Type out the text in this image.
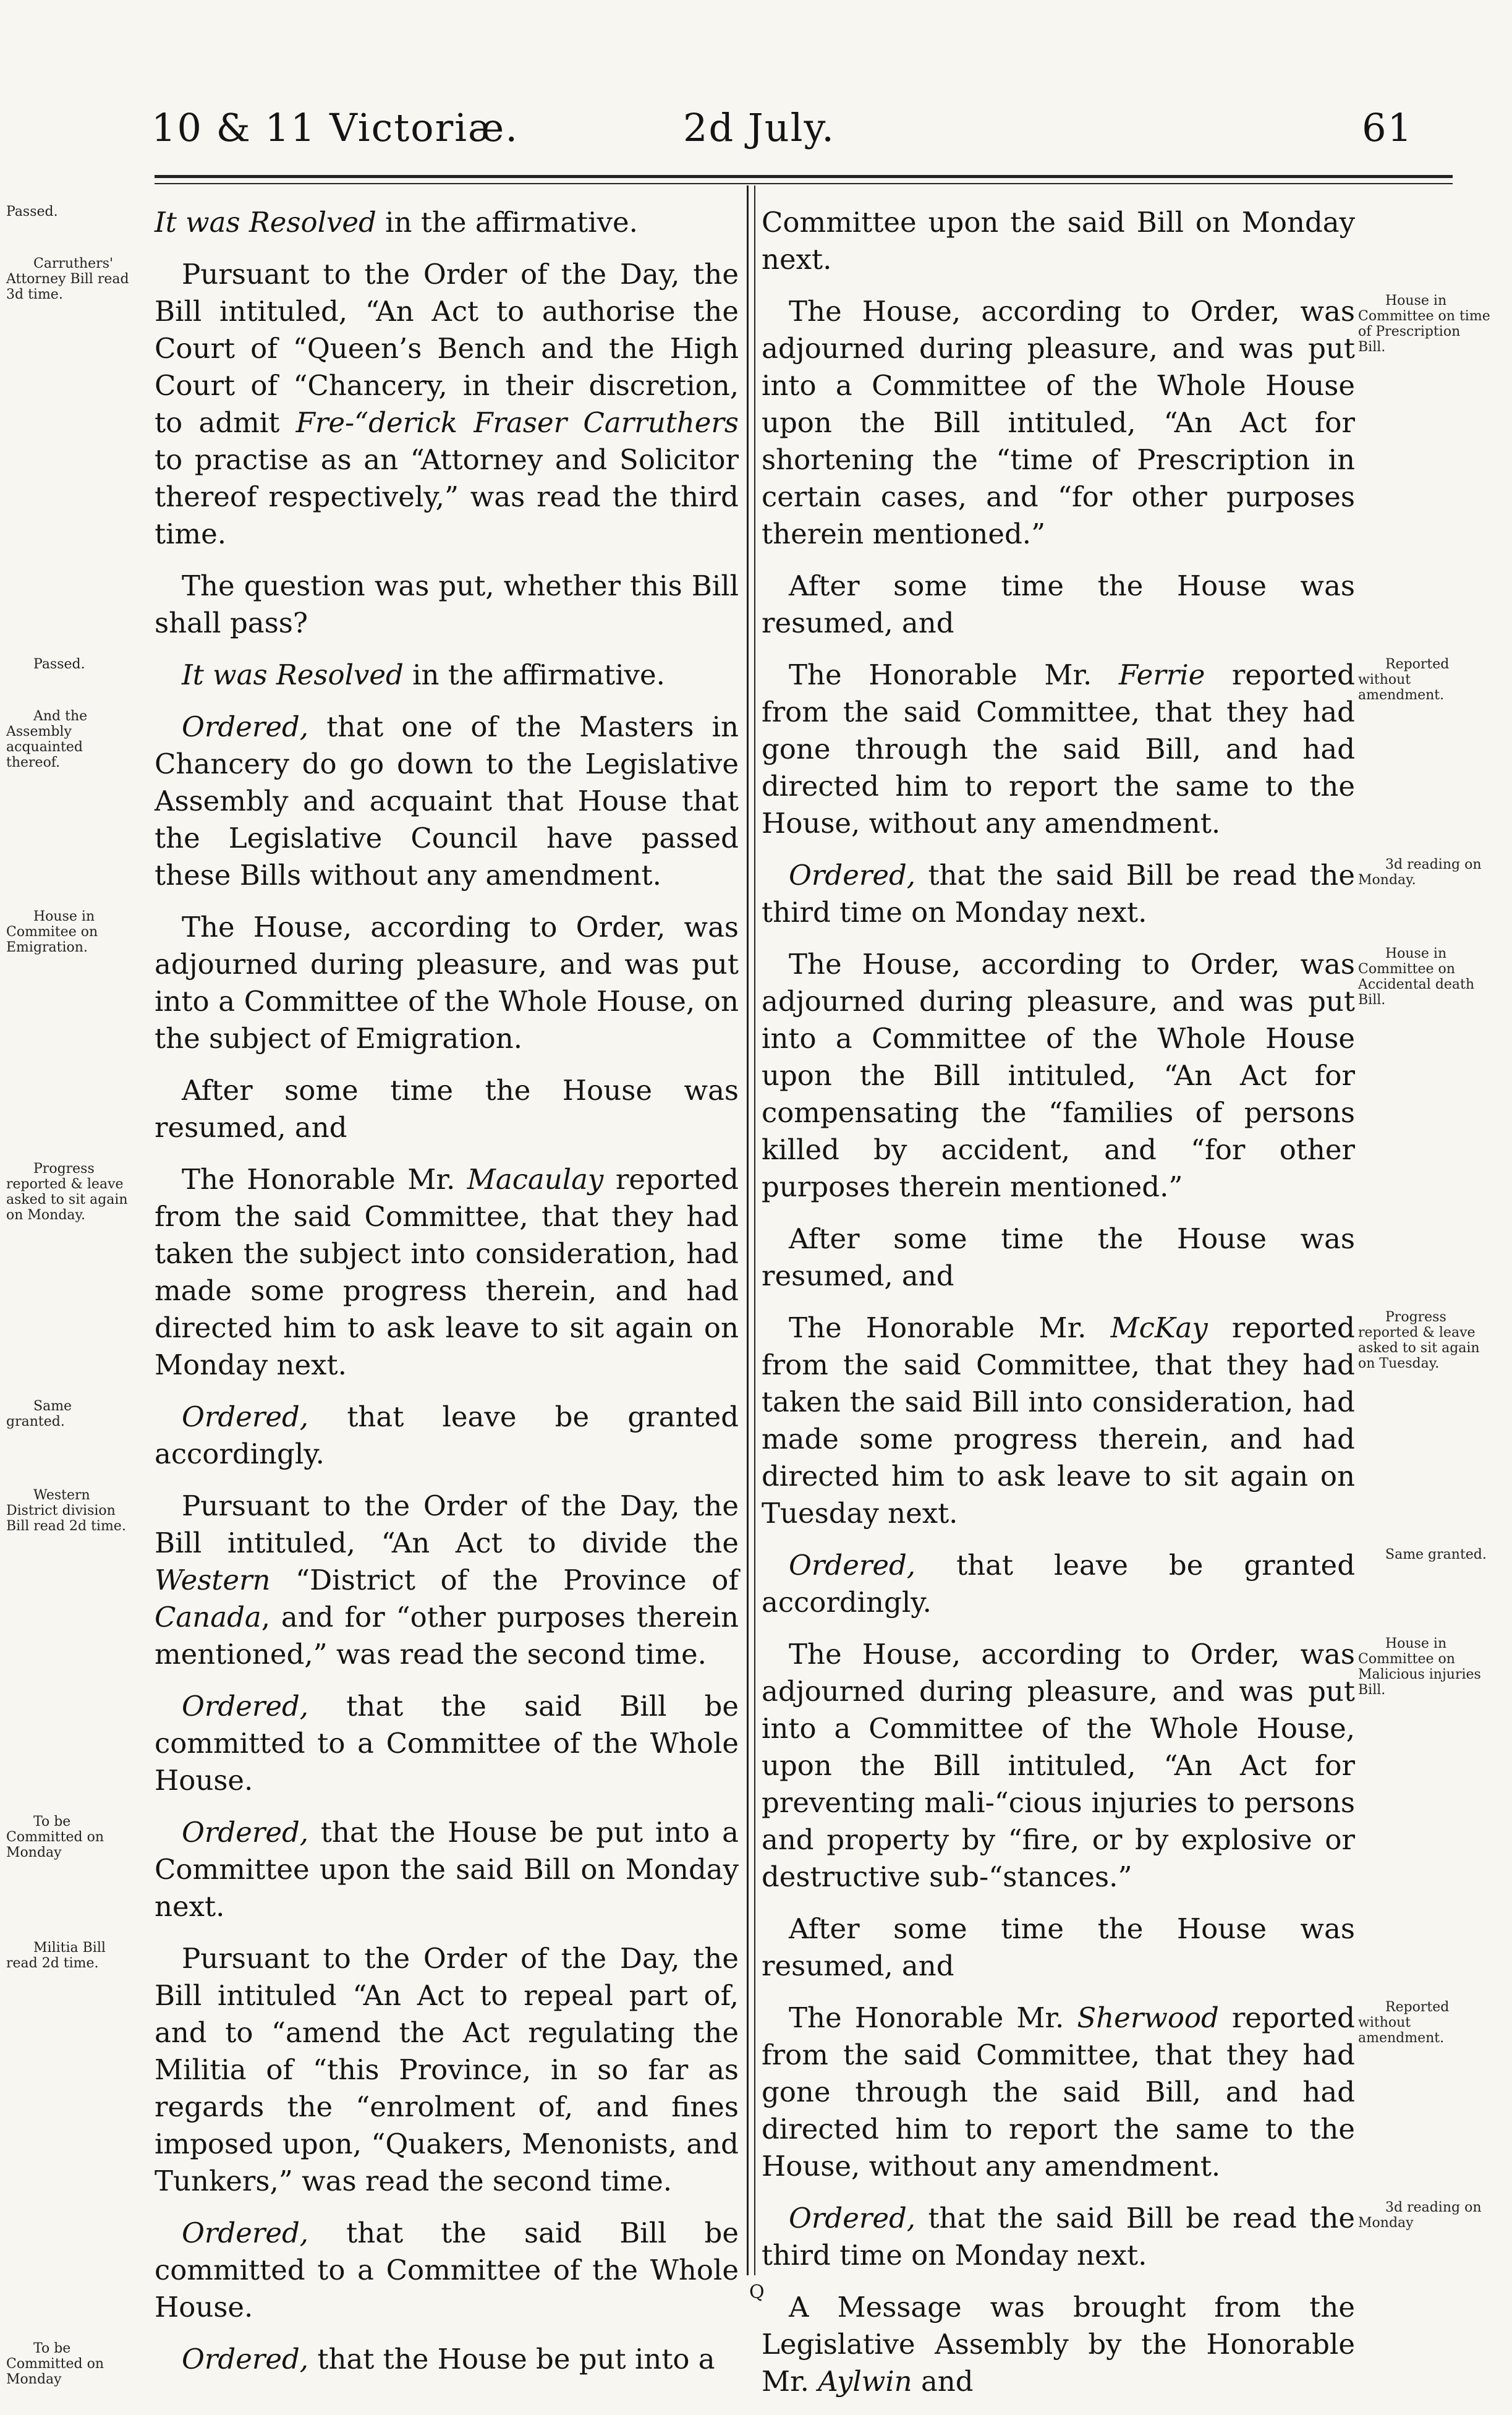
10 & 11 Victoriæ.	2d July.	61
Passed.	It was Resolved in the affirmative.
Carruthers' Attorney Bill read 3d time.
Pursuant to the Order of the Day, the Bill intituled, “An Act to authorise the Court of “Queen’s Bench and the High Court of “Chancery, in their discretion, to admit Fre-“derick Fraser Carruthers to practise as an “Attorney and Solicitor thereof respectively,” was read the third time.
The question was put, whether this Bill shall pass?
Passed.	It was Resolved in the affirmative.
And the Assembly acquainted thereof.
Ordered, that one of the Masters in Chancery do go down to the Legislative Assembly and acquaint that House that the Legislative Council have passed these Bills without any amendment.
House in Commitee on Emigration.
The House, according to Order, was adjourned during pleasure, and was put into a Committee of the Whole House, on the subject of Emigration.
After some time the House was resumed, and
Progress reported & leave asked to sit again on Monday.
The Honorable Mr. Macaulay reported from the said Committee, that they had taken the subject into consideration, had made some progress therein, and had directed him to ask leave to sit again on Monday next.
Same granted.	Ordered, that leave be granted accordingly.
Western District division Bill read 2d time.
Pursuant to the Order of the Day, the Bill intituled, “An Act to divide the Western “District of the Province of Canada, and for “other purposes therein mentioned,” was read the second time.
Ordered, that the said Bill be committed to a Committee of the Whole House.
To be Committed on Monday
Ordered, that the House be put into a Committee upon the said Bill on Monday next.
Militia Bill read 2d time.	Pursuant to the Order of the Day, the Bill intituled “An Act to repeal part of, and to “amend the Act regulating the Militia of “this Province, in so far as regards the “enrolment of, and fines imposed upon, “Quakers, Menonists, and Tunkers,” was read the second time.
Ordered, that the said Bill be committed to a Committee of the Whole House.
To be Committed on Monday
Ordered, that the House be put into a
Committee upon the said Bill on Monday next.
House in Committee on time of Prescription Bill.
The House, according to Order, was adjourned during pleasure, and was put into a Committee of the Whole House upon the Bill intituled, “An Act for shortening the “time of Prescription in certain cases, and “for other purposes therein mentioned.”
After some time the House was resumed, and
Reported without amendment.
The Honorable Mr. Ferrie reported from the said Committee, that they had gone through the said Bill, and had directed him to report the same to the House, without any amendment.
3d reading on Monday.
Ordered, that the said Bill be read the third time on Monday next.
House in Committee on Accidental death Bill.
The House, according to Order, was adjourned during pleasure, and was put into a Committee of the Whole House upon the Bill intituled, “An Act for compensating the “families of persons killed by accident, and “for other purposes therein mentioned.”
After some time the House was resumed, and
Progress reported & leave asked to sit again on Tuesday.
The Honorable Mr. McKay reported from the said Committee, that they had taken the said Bill into consideration, had made some progress therein, and had directed him to ask leave to sit again on Tuesday next.
Same granted.
Ordered, that leave be granted accordingly.
House in Committee on Malicious injuries Bill.
The House, according to Order, was adjourned during pleasure, and was put into a Committee of the Whole House, upon the Bill intituled, “An Act for preventing mali-“cious injuries to persons and property by “fire, or by explosive or destructive sub-“stances.”
After some time the House was resumed, and
Reported without amendment.
The Honorable Mr. Sherwood reported from the said Committee, that they had gone through the said Bill, and had directed him to report the same to the House, without any amendment.
3d reading on Monday
Ordered, that the said Bill be read the third time on Monday next.
A Message was brought from the Legislative Assembly by the Honorable Mr. Aylwin and
Q
